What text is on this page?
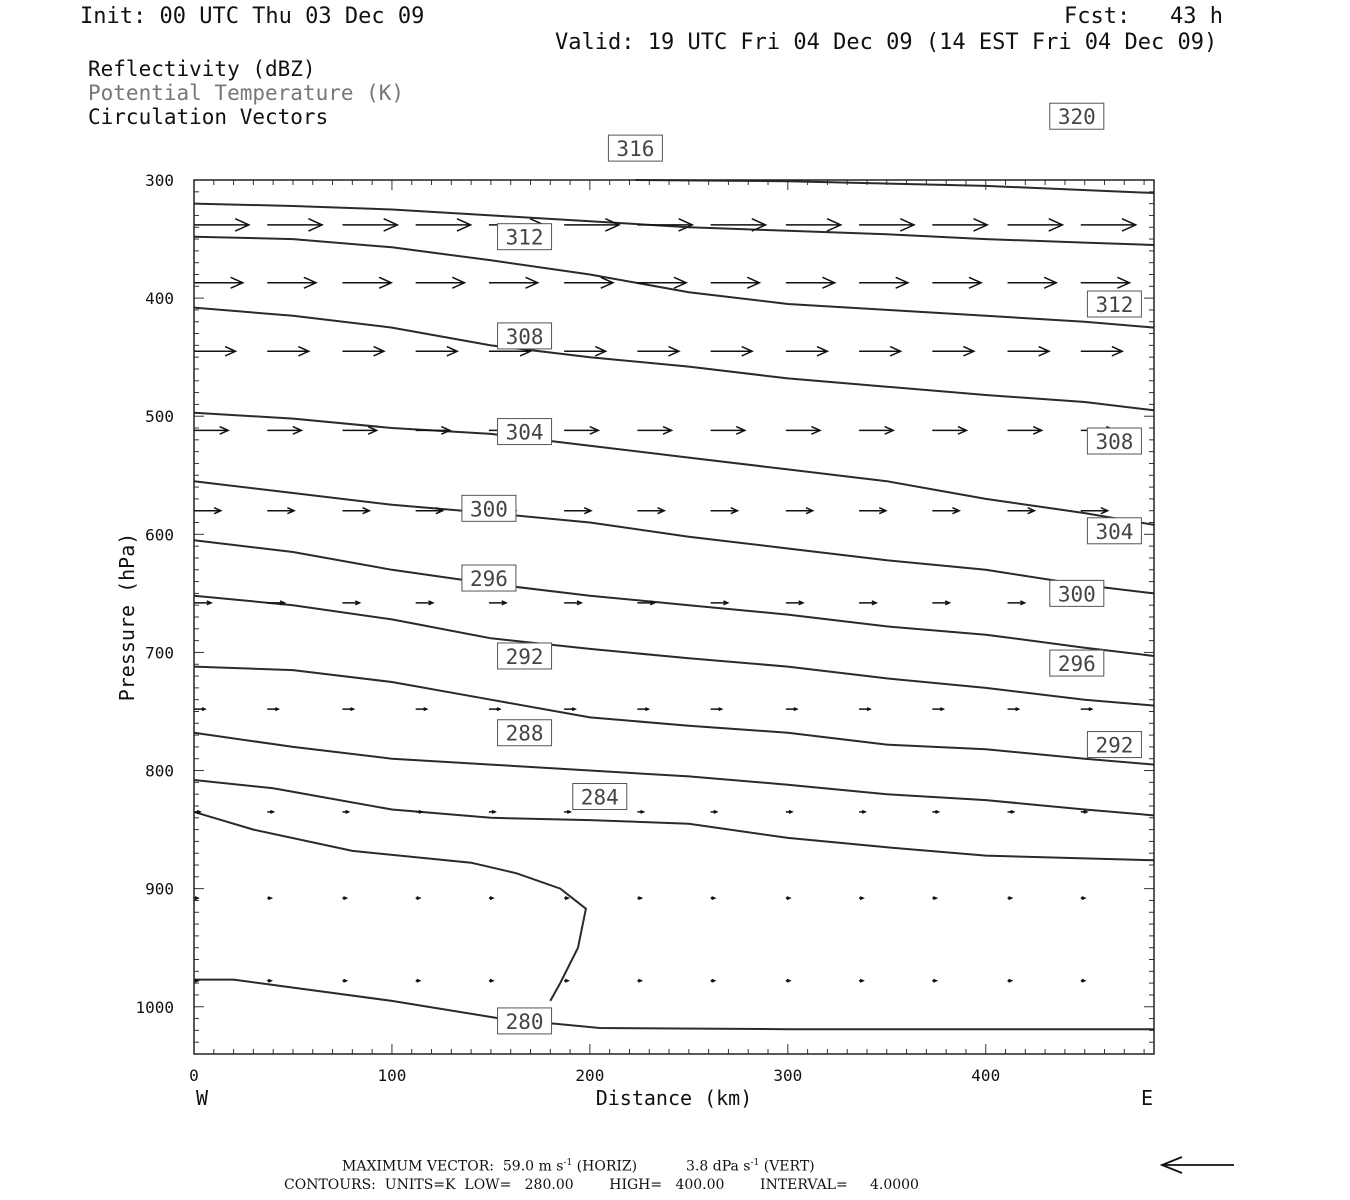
Init: 00 UTC Thu 03 Dec 09	Fcst:   43 h
Valid: 19 UTC Fri 04 Dec 09 (14 EST Fri 04 Dec 09)
Reflectivity (dBZ)
Potential Temperature (K)
Circulation Vectors
280
284
288
292
292
296
296
300
300
304
304
308
308
312
312
316
320
0	100	200	300	400
300
400
500
600
700
800
900
1000
Distance (km)
Pressure (hPa)
W	E
MAXIMUM VECTOR: 59.0 m $s^{-1}$ (HORIZ)	3.8 dPa $s^{-1}$ (VERT)
CONTOURS:  UNITS=K  LOW=   280.00        HIGH=   400.00        INTERVAL=     4.0000
